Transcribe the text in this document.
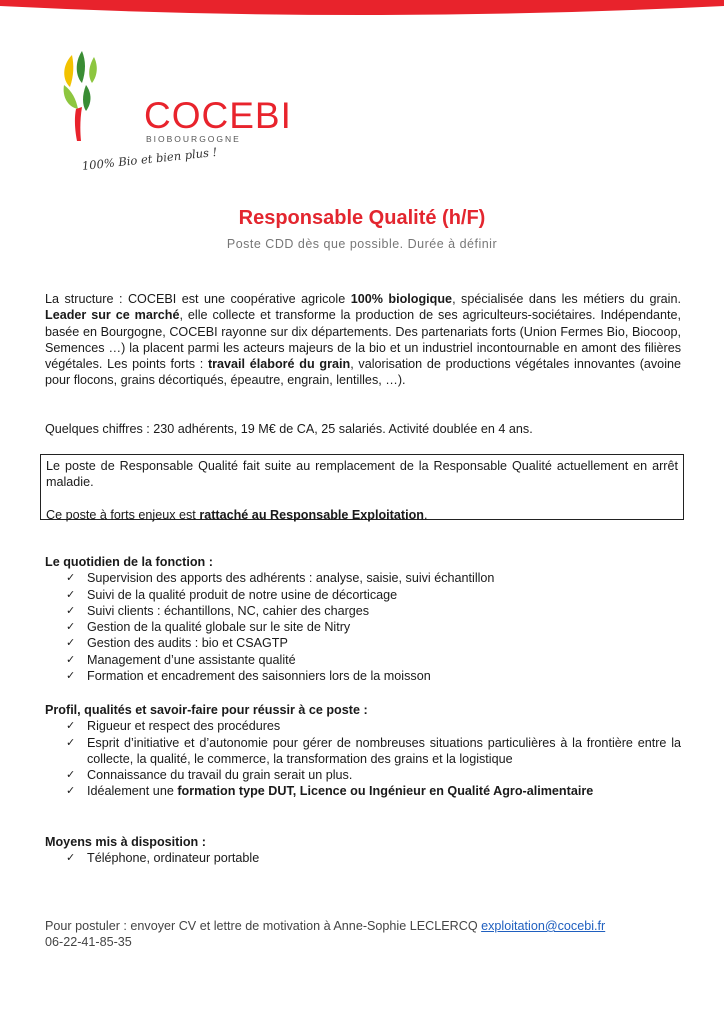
COCEBI
BIOBOURGOGNE
100% Bio et bien plus !
Responsable Qualité (h/F)
Poste CDD dès que possible. Durée à définir

La structure : COCEBI est une coopérative agricole 100% biologique, spécialisée dans les métiers du grain. Leader sur ce marché, elle collecte et transforme la production de ses agriculteurs-sociétaires. Indépendante, basée en Bourgogne, COCEBI rayonne sur dix départements. Des partenariats forts (Union Fermes Bio, Biocoop, Semences …) la placent parmi les acteurs majeurs de la bio et un industriel incontournable en amont des filières végétales. Les points forts : travail élaboré du grain, valorisation de productions végétales innovantes (avoine pour flocons, grains décortiqués, épeautre, engrain, lentilles, …).

Quelques chiffres : 230 adhérents, 19 M€ de CA, 25 salariés. Activité doublée en 4 ans.

Le poste de Responsable Qualité fait suite au remplacement de la Responsable Qualité actuellement en arrêt maladie.

Ce poste à forts enjeux est rattaché au Responsable Exploitation.

Le quotidien de la fonction :

✓ Supervision des apports des adhérents : analyse, saisie, suivi échantillon
✓ Suivi de la qualité produit de notre usine de décorticage
✓ Suivi clients : échantillons, NC, cahier des charges
✓ Gestion de la qualité globale sur le site de Nitry
✓ Gestion des audits : bio et CSAGTP
✓ Management d’une assistante qualité
✓ Formation et encadrement des saisonniers lors de la moisson

Profil, qualités et savoir-faire pour réussir à ce poste :

✓ Rigueur et respect des procédures
✓ Esprit d’initiative et d’autonomie pour gérer de nombreuses situations particulières à la frontière entre la collecte, la qualité, le commerce, la transformation des grains et la logistique
✓ Connaissance du travail du grain serait un plus.
✓ Idéalement une formation type DUT, Licence ou Ingénieur en Qualité Agro-alimentaire

Moyens mis à disposition :

✓ Téléphone, ordinateur portable
Pour postuler : envoyer CV et lettre de motivation à Anne-Sophie LECLERCQ exploitation@cocebi.fr
06-22-41-85-35
